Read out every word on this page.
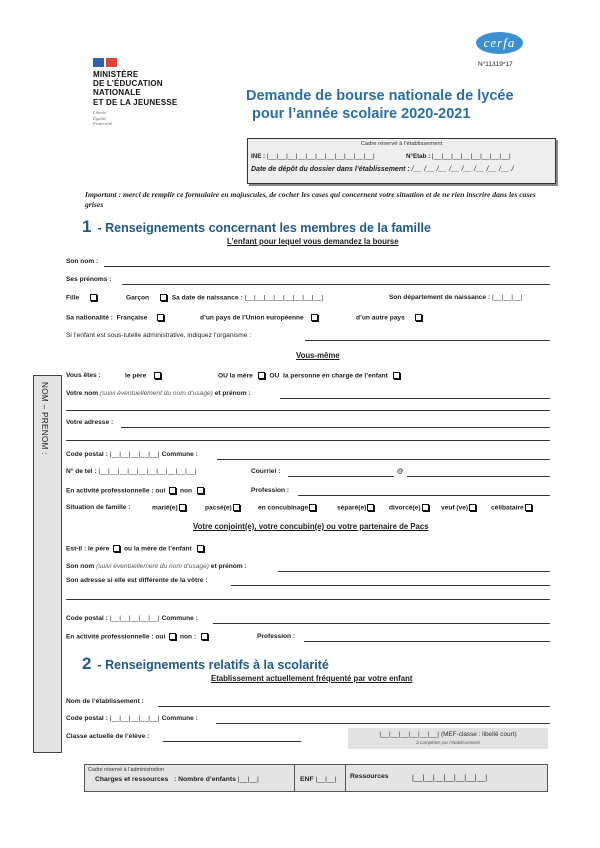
MINISTÈRE
DE L’ÉDUCATION
NATIONALE
ET DE LA JEUNESSE
Liberté
Égalité
Fraternité
cerfa
N°11319*17
Demande de bourse nationale de lycée
pour l’année scolaire 2020-2021
Cadre réservé à l’établissement
INE : |__|__|__|__|__|__|__|__|__|__|__|	N°Etab : |__|__|__|__|__|__|__|__|
Date de dépôt du dossier dans l’établissement : /__ /__ /__ /__ /__ /__ /__ /__ /
Important : merci de remplir ce formulaire en majuscules, de cocher les cases qui concernent votre situation et de ne rien inscrire dans les cases grises
1 - Renseignements concernant les membres de la famille
L’enfant pour lequel vous demandez la bourse
Son nom :
Ses prénoms :
Fille	Garçon	Sa date de naissance : |__|__|__|__|__|__|__|__|	Son département de naissance : |__|__|__|
Sa nationalité : Française	d’un pays de l’Union européenne	d’un autre pays
Si l’enfant est sous-tutelle administrative, indiquez l’organisme :
Vous-même
Vous êtes :	le père	OU la mère	OU la personne en charge de l’enfant
Votre nom (suivi éventuellement du nom d’usage) et prénom :
Votre adresse :
Code postal : |__|__|__|__|__| Commune :
N° de tel : |__|__|__|__|__|__|__|__|__|__|	Courriel :	@
En activité professionnelle : oui non	Profession :
Situation de famille :	marié(e)	pacsé(e)	en concubinage	séparé(e)	divorcé(e)	veuf (ve)	célibataire
Votre conjoint(e), votre concubin(e) ou votre partenaire de Pacs
Est-il : le père ou la mère de l’enfant
Son nom (suivi éventuellement du nom d’usage) et prénom :
Son adresse si elle est différente de la vôtre :
Code postal : |__|__|__|__|__| Commune :
En activité professionnelle : oui non :	Profession :
2 - Renseignements relatifs à la scolarité
Etablissement actuellement fréquenté par votre enfant
Nom de l’établissement :
Code postal : |__|__|__|__|__| Commune :
Classe actuelle de l’élève :	|__|__|__|__|__|__| (MEF-classe : libellé court)
à compléter par l’établissement
NOM – PRENOM :
Cadre réservé à l’administration
Charges et ressources : Nombre d’enfants |__|__|	ENF |__|__| Ressources	|__|__|__|__|__|__|__|
